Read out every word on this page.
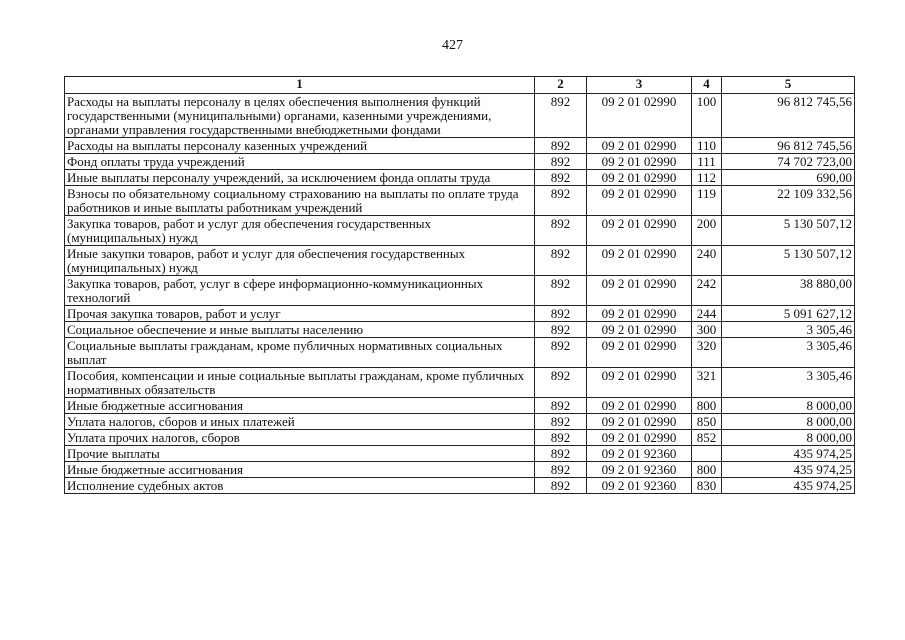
427
1	2	3	4	5
Расходы на выплаты персоналу в целях обеспечения выполнения функций государственными (муниципальными) органами, казенными учреждениями, органами управления государственными внебюджетными фондами	892	09 2 01 02990	100	96 812 745,56
Расходы на выплаты персоналу казенных учреждений	892	09 2 01 02990	110	96 812 745,56
Фонд оплаты труда учреждений	892	09 2 01 02990	111	74 702 723,00
Иные выплаты персоналу учреждений, за исключением фонда оплаты труда	892	09 2 01 02990	112	690,00
Взносы по обязательному социальному страхованию на выплаты по оплате труда работников и иные выплаты работникам учреждений	892	09 2 01 02990	119	22 109 332,56
Закупка товаров, работ и услуг для обеспечения государственных (муниципальных) нужд	892	09 2 01 02990	200	5 130 507,12
Иные закупки товаров, работ и услуг для обеспечения государственных (муниципальных) нужд	892	09 2 01 02990	240	5 130 507,12
Закупка товаров, работ, услуг в сфере информационно-коммуникационных технологий	892	09 2 01 02990	242	38 880,00
Прочая закупка товаров, работ и услуг	892	09 2 01 02990	244	5 091 627,12
Социальное обеспечение и иные выплаты населению	892	09 2 01 02990	300	3 305,46
Социальные выплаты гражданам, кроме публичных нормативных социальных выплат	892	09 2 01 02990	320	3 305,46
Пособия, компенсации и иные социальные выплаты гражданам, кроме публичных нормативных обязательств	892	09 2 01 02990	321	3 305,46
Иные бюджетные ассигнования	892	09 2 01 02990	800	8 000,00
Уплата налогов, сборов и иных платежей	892	09 2 01 02990	850	8 000,00
Уплата прочих налогов, сборов	892	09 2 01 02990	852	8 000,00
Прочие выплаты	892	09 2 01 92360		435 974,25
Иные бюджетные ассигнования	892	09 2 01 92360	800	435 974,25
Исполнение судебных актов	892	09 2 01 92360	830	435 974,25
